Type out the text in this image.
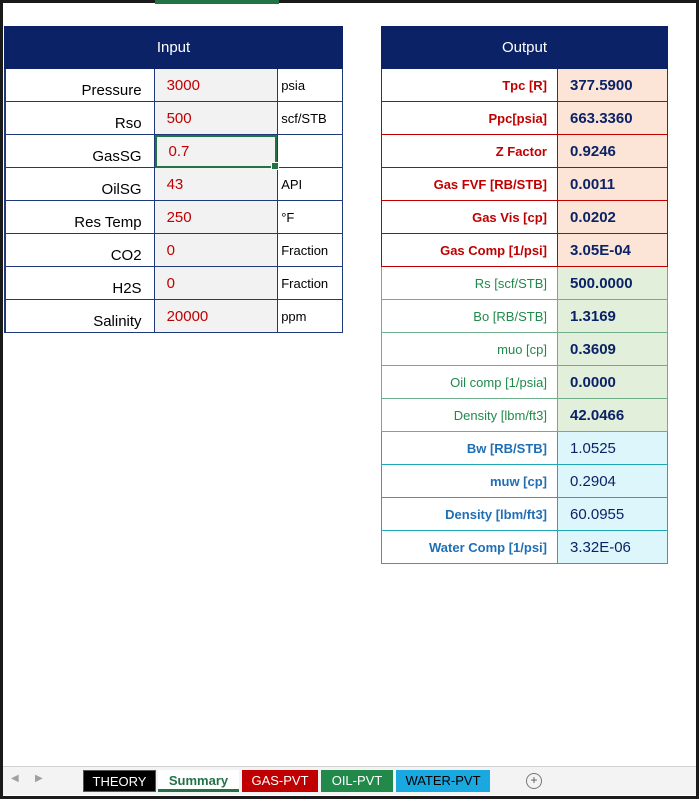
Input
Pressure	3000	psia
Rso	500	scf/STB
GasSG	0.7
OilSG	43	API
Res Temp	250	°F
CO2	0	Fraction
H2S	0	Fraction
Salinity	20000	ppm
Output
Tpc [R]	377.5900
Ppc[psia]	663.3360
Z Factor	0.9246
Gas FVF [RB/STB]	0.0011
Gas Vis [cp]	0.0202
Gas Comp [1/psi]	3.05E-04
Rs [scf/STB]	500.0000
Bo [RB/STB]	1.3169
muo [cp]	0.3609
Oil comp [1/psia]	0.0000
Density [lbm/ft3]	42.0466
Bw [RB/STB]	1.0525
muw [cp]	0.2904
Density [lbm/ft3]	60.0955
Water Comp [1/psi]	3.32E-06
◀ ▶	THEORY	Summary	GAS-PVT	OIL-PVT	WATER-PVT	+
